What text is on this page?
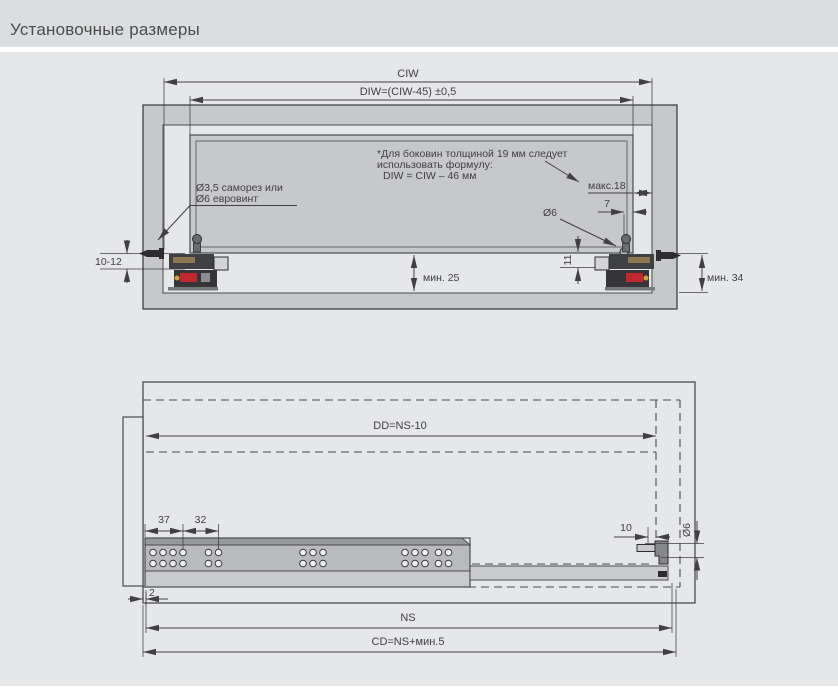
Установочные размеры
CIW
DIW=(CIW-45) ±0,5
*Для боковин толщиной 19 мм следует
использовать формулу:
DIW = CIW – 46 мм
макс.18
7
Ø6
11
мин. 25	мин. 34
10-12
Ø3,5 саморез или
Ø6 евровинт
DD=NS-10
37 32
10	Ø6
2
NS
CD=NS+мин.5
